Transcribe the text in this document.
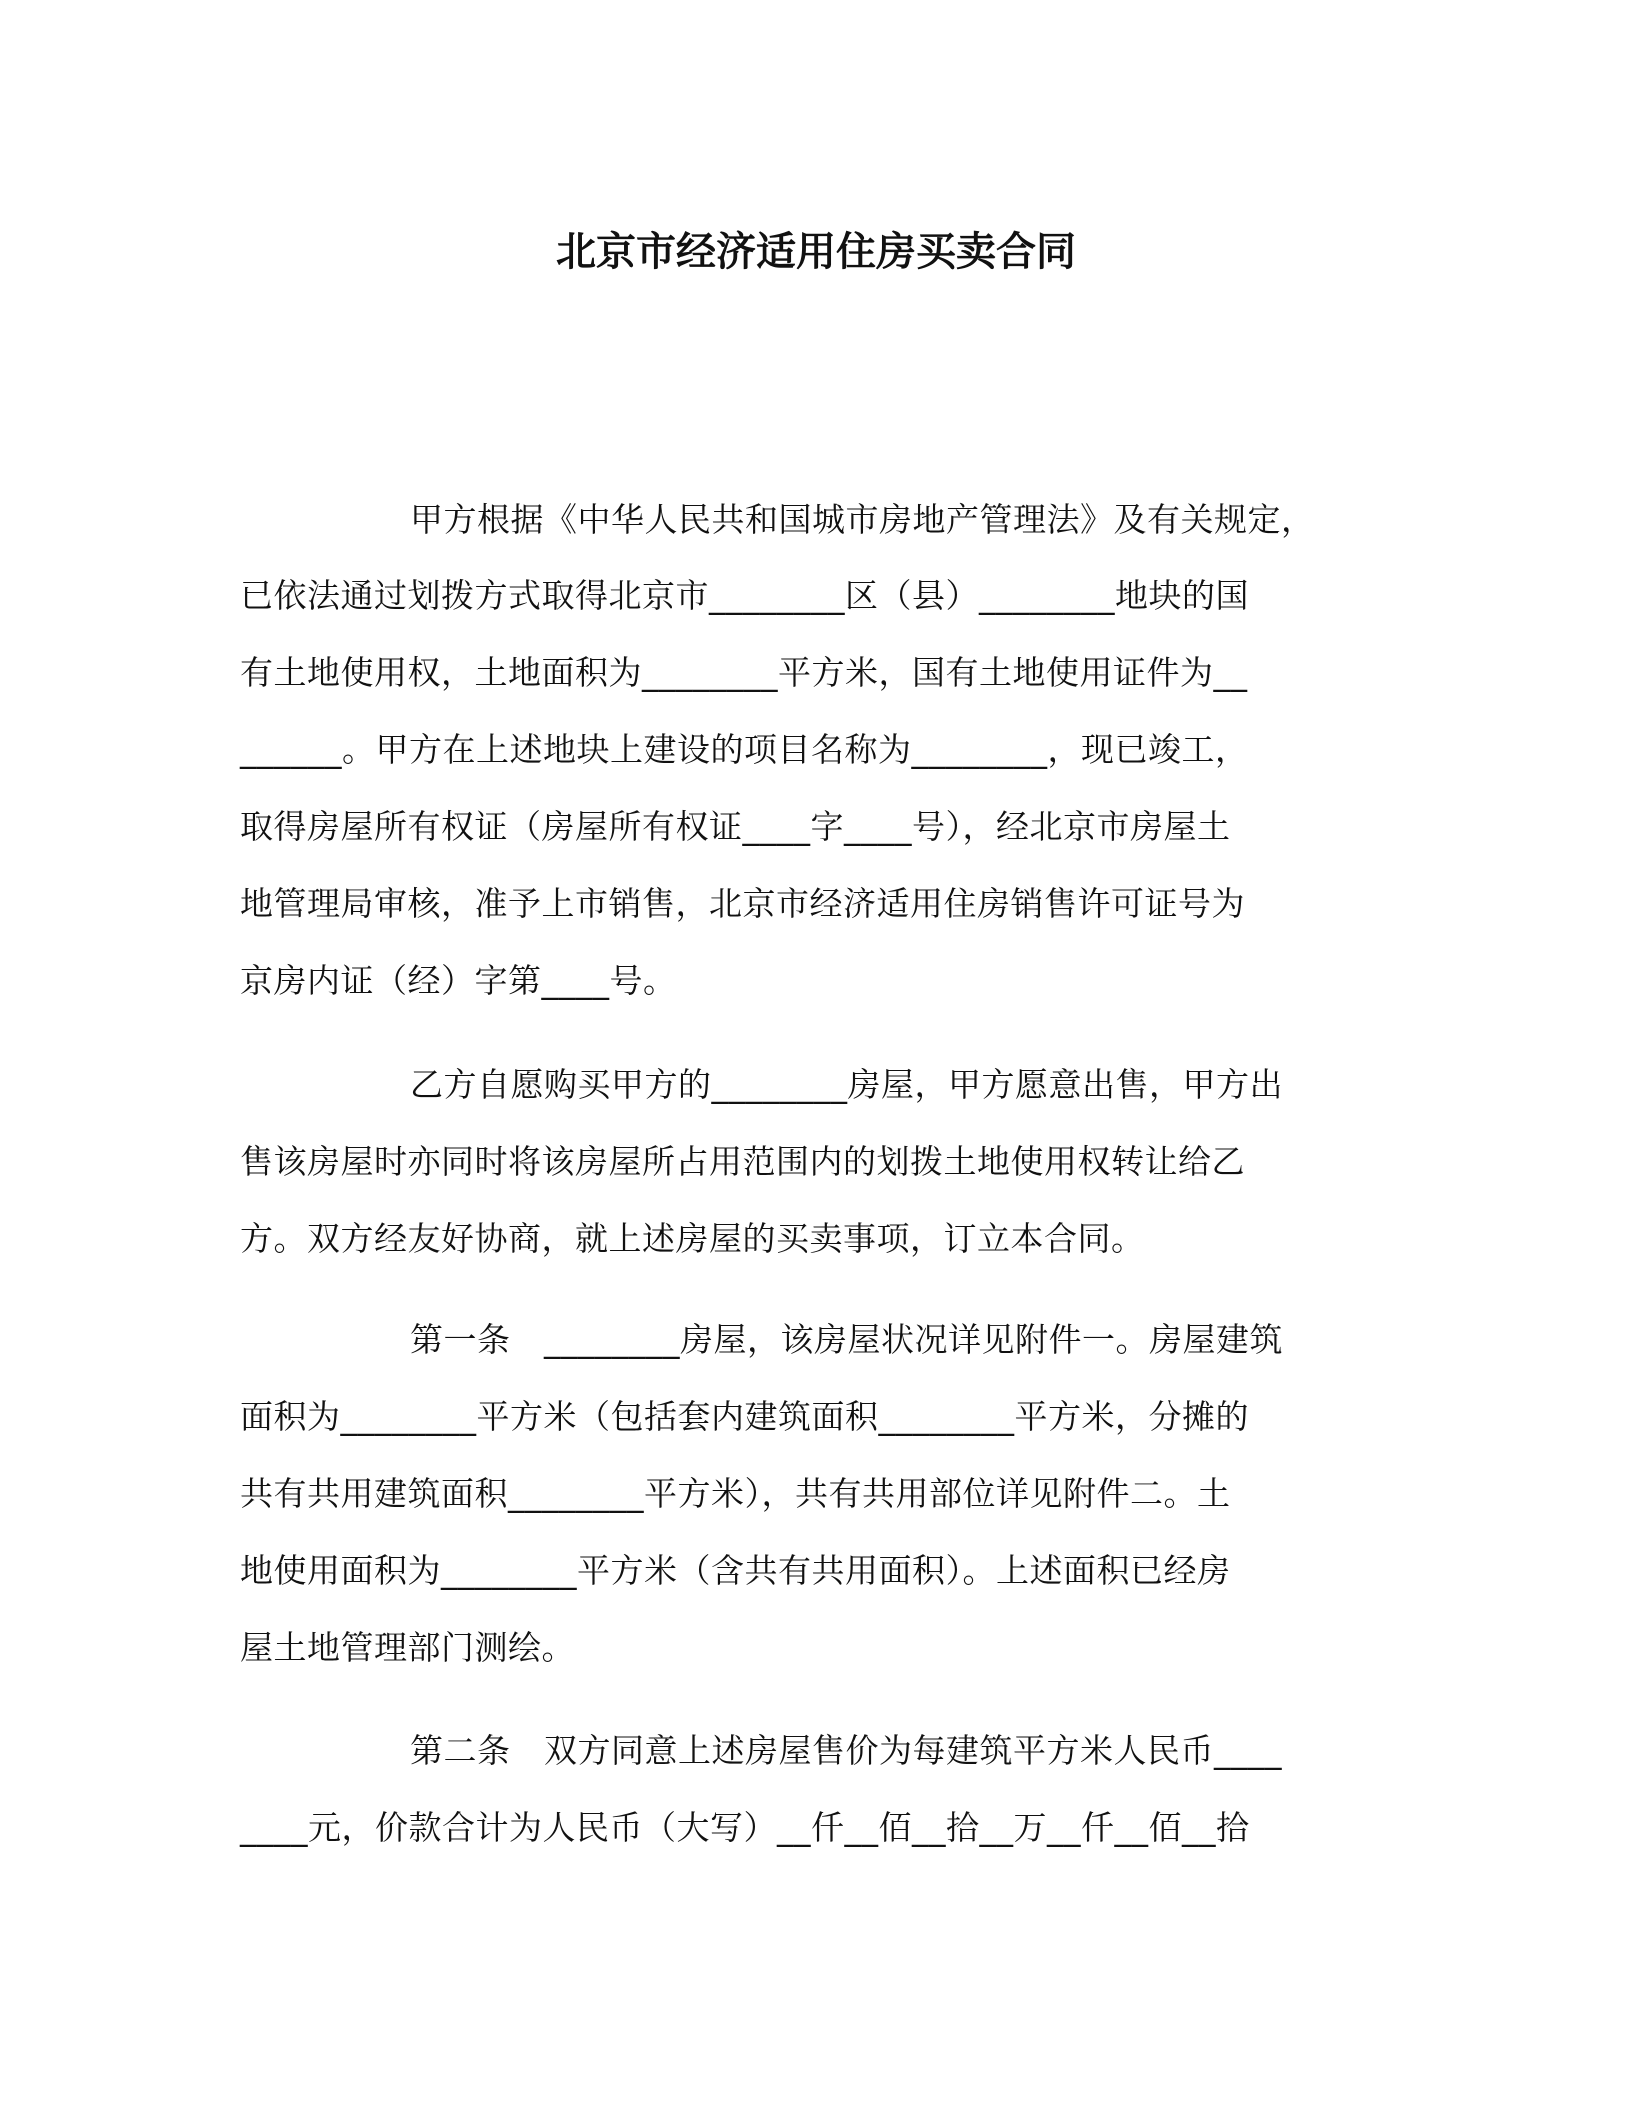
北京市经济适用住房买卖合同
甲方根据《中华人民共和国城市房地产管理法》及有关规定，
已依法通过划拨方式取得北京市________区（县）________地块的国
有土地使用权，土地面积为________平方米，国有土地使用证件为__
______。甲方在上述地块上建设的项目名称为________，现已竣工，
取得房屋所有权证（房屋所有权证____字____号），经北京市房屋土
地管理局审核，准予上市销售，北京市经济适用住房销售许可证号为
京房内证（经）字第____号。
乙方自愿购买甲方的________房屋，甲方愿意出售，甲方出
售该房屋时亦同时将该房屋所占用范围内的划拨土地使用权转让给乙
方。双方经友好协商，就上述房屋的买卖事项，订立本合同。
第一条　________房屋，该房屋状况详见附件一。房屋建筑
面积为________平方米（包括套内建筑面积________平方米，分摊的
共有共用建筑面积________平方米），共有共用部位详见附件二。土
地使用面积为________平方米（含共有共用面积）。上述面积已经房
屋土地管理部门测绘。
第二条　双方同意上述房屋售价为每建筑平方米人民币____
____元，价款合计为人民币（大写）__仟__佰__拾__万__仟__佰__拾
